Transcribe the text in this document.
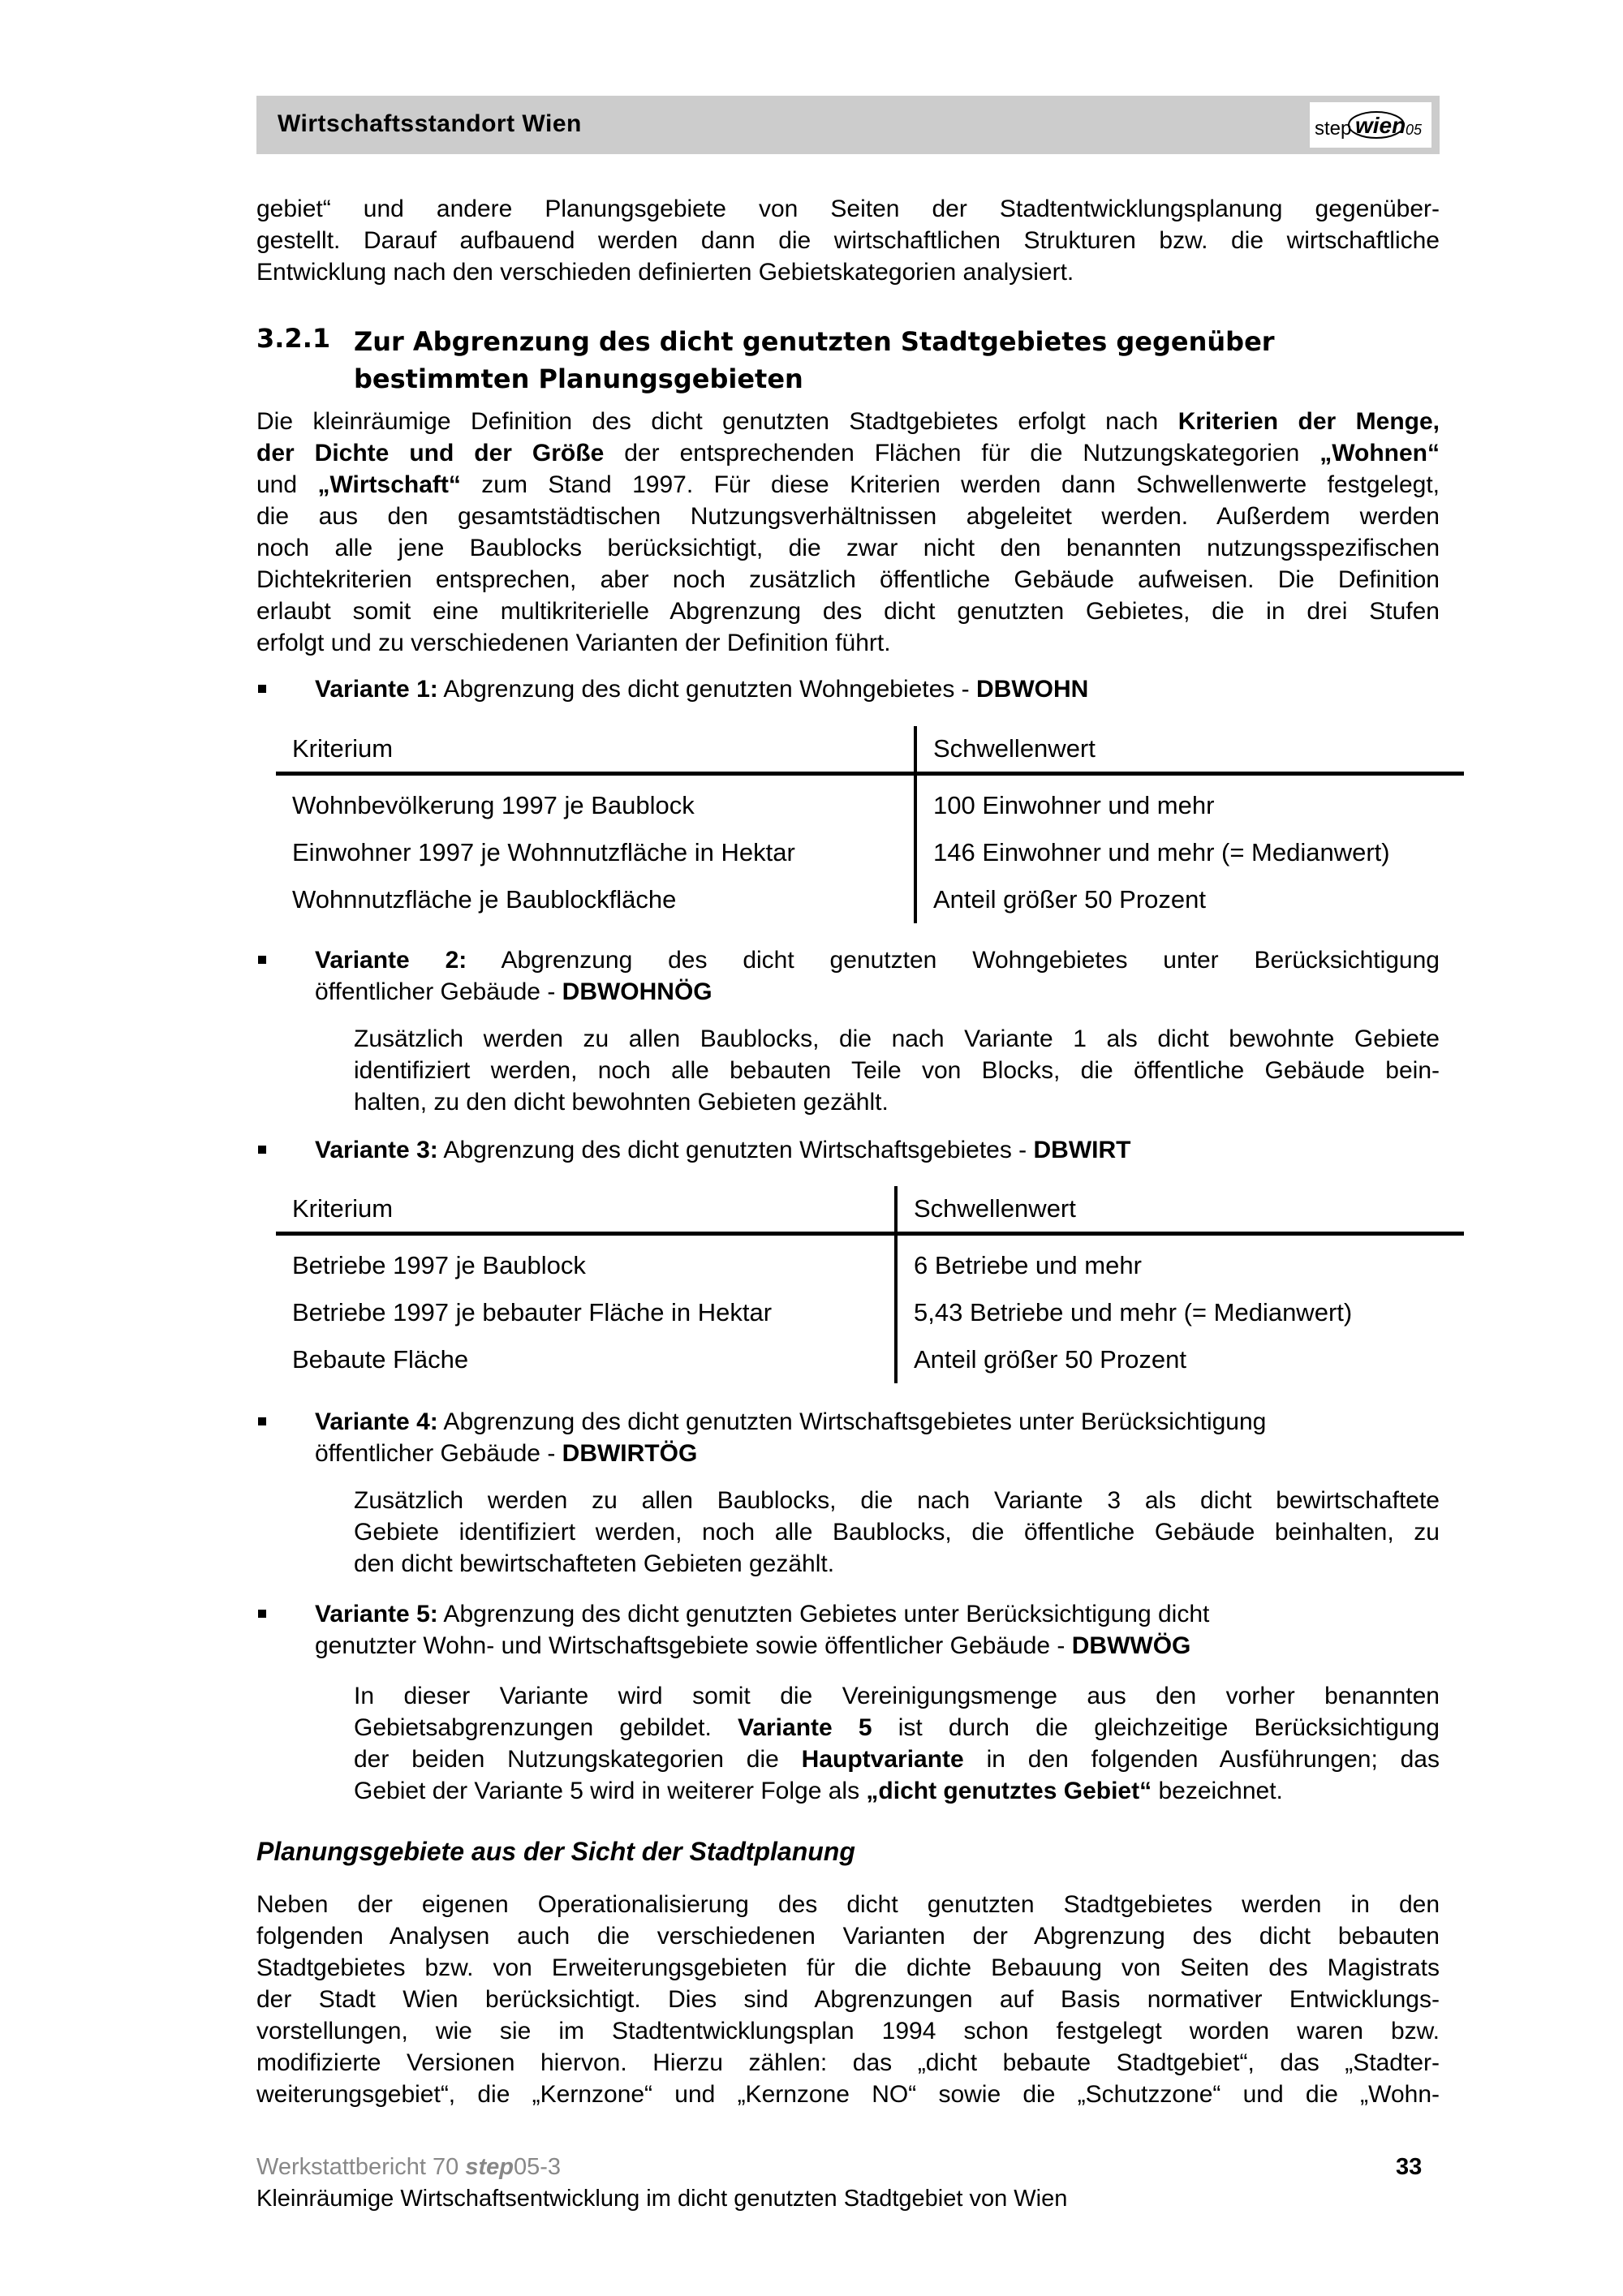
Wirtschaftsstandort Wien	step wien 05
gebiet“ und andere Planungsgebiete von Seiten der Stadtentwicklungsplanung gegenüber-
gestellt. Darauf aufbauend werden dann die wirtschaftlichen Strukturen bzw. die wirtschaftliche
Entwicklung nach den verschieden definierten Gebietskategorien analysiert.
3.2.1 Zur Abgrenzung des dicht genutzten Stadtgebietes gegenüber
bestimmten Planungsgebieten
Die kleinräumige Definition des dicht genutzten Stadtgebietes erfolgt nach Kriterien der Menge,
der Dichte und der Größe der entsprechenden Flächen für die Nutzungskategorien „Wohnen“
und „Wirtschaft“ zum Stand 1997. Für diese Kriterien werden dann Schwellenwerte festgelegt,
die aus den gesamtstädtischen Nutzungsverhältnissen abgeleitet werden. Außerdem werden
noch alle jene Baublocks berücksichtigt, die zwar nicht den benannten nutzungsspezifischen
Dichtekriterien entsprechen, aber noch zusätzlich öffentliche Gebäude aufweisen. Die Definition
erlaubt somit eine multikriterielle Abgrenzung des dicht genutzten Gebietes, die in drei Stufen
erfolgt und zu verschiedenen Varianten der Definition führt.
Variante 1: Abgrenzung des dicht genutzten Wohngebietes - DBWOHN
Kriterium	Schwellenwert
Wohnbevölkerung 1997 je Baublock	100 Einwohner und mehr
Einwohner 1997 je Wohnnutzfläche in Hektar	146 Einwohner und mehr (= Medianwert)
Wohnnutzfläche je Baublockfläche	Anteil größer 50 Prozent
Variante 2: Abgrenzung des dicht genutzten Wohngebietes unter Berücksichtigung
öffentlicher Gebäude - DBWOHNÖG
Zusätzlich werden zu allen Baublocks, die nach Variante 1 als dicht bewohnte Gebiete
identifiziert werden, noch alle bebauten Teile von Blocks, die öffentliche Gebäude bein-
halten, zu den dicht bewohnten Gebieten gezählt.
Variante 3: Abgrenzung des dicht genutzten Wirtschaftsgebietes - DBWIRT
Kriterium	Schwellenwert
Betriebe 1997 je Baublock	6 Betriebe und mehr
Betriebe 1997 je bebauter Fläche in Hektar	5,43 Betriebe und mehr (= Medianwert)
Bebaute Fläche	Anteil größer 50 Prozent
Variante 4: Abgrenzung des dicht genutzten Wirtschaftsgebietes unter Berücksichtigung
öffentlicher Gebäude - DBWIRTÖG
Zusätzlich werden zu allen Baublocks, die nach Variante 3 als dicht bewirtschaftete
Gebiete identifiziert werden, noch alle Baublocks, die öffentliche Gebäude beinhalten, zu
den dicht bewirtschafteten Gebieten gezählt.
Variante 5: Abgrenzung des dicht genutzten Gebietes unter Berücksichtigung dicht
genutzter Wohn- und Wirtschaftsgebiete sowie öffentlicher Gebäude - DBWWÖG
In dieser Variante wird somit die Vereinigungsmenge aus den vorher benannten
Gebietsabgrenzungen gebildet. Variante 5 ist durch die gleichzeitige Berücksichtigung
der beiden Nutzungskategorien die Hauptvariante in den folgenden Ausführungen; das
Gebiet der Variante 5 wird in weiterer Folge als „dicht genutztes Gebiet“ bezeichnet.
Planungsgebiete aus der Sicht der Stadtplanung
Neben der eigenen Operationalisierung des dicht genutzten Stadtgebietes werden in den
folgenden Analysen auch die verschiedenen Varianten der Abgrenzung des dicht bebauten
Stadtgebietes bzw. von Erweiterungsgebieten für die dichte Bebauung von Seiten des Magistrats
der Stadt Wien berücksichtigt. Dies sind Abgrenzungen auf Basis normativer Entwicklungs-
vorstellungen, wie sie im Stadtentwicklungsplan 1994 schon festgelegt worden waren bzw.
modifizierte Versionen hiervon. Hierzu zählen: das „dicht bebaute Stadtgebiet“, das „Stadter-
weiterungsgebiet“, die „Kernzone“ und „Kernzone NO“ sowie die „Schutzzone“ und die „Wohn-
Werkstattbericht 70 step05-3
Kleinräumige Wirtschaftsentwicklung im dicht genutzten Stadtgebiet von Wien
33
